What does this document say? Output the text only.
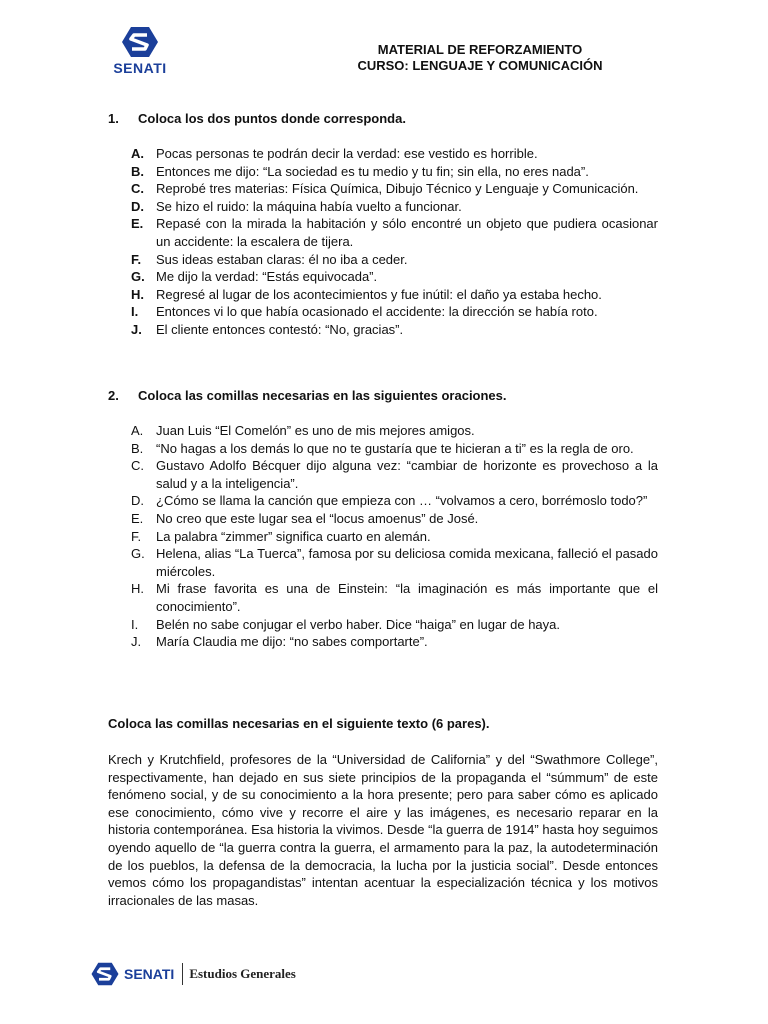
SENATI
MATERIAL DE REFORZAMIENTO
CURSO: LENGUAJE Y COMUNICACIÓN
1. Coloca los dos puntos donde corresponda.
A. Pocas personas te podrán decir la verdad: ese vestido es horrible.
B. Entonces me dijo: “La sociedad es tu medio y tu fin; sin ella, no eres nada”.
C. Reprobé tres materias: Física Química, Dibujo Técnico y Lenguaje y Comunicación.
D. Se hizo el ruido: la máquina había vuelto a funcionar.
E. Repasé con la mirada la habitación y sólo encontré un objeto que pudiera ocasionar un accidente: la escalera de tijera.
F.	Sus ideas estaban claras: él no iba a ceder.
G. Me dijo la verdad: “Estás equivocada”.
H. Regresé al lugar de los acontecimientos y fue inútil: el daño ya estaba hecho.
I.	Entonces vi lo que había ocasionado el accidente: la dirección se había roto.
J.	El cliente entonces contestó: “No, gracias”.
2. Coloca las comillas necesarias en las siguientes oraciones.
A. Juan Luis “El Comelón” es uno de mis mejores amigos.
B. “No hagas a los demás lo que no te gustaría que te hicieran a ti” es la regla de oro.
C. Gustavo Adolfo Bécquer dijo alguna vez: “cambiar de horizonte es provechoso a la salud y a la inteligencia”.
D. ¿Cómo se llama la canción que empieza con … “volvamos a cero, borrémoslo todo?”
E. No creo que este lugar sea el “locus amoenus” de José.
F.	La palabra “zimmer” significa cuarto en alemán.
G. Helena, alias “La Tuerca”, famosa por su deliciosa comida mexicana, falleció el pasado miércoles.
H. Mi frase favorita es una de Einstein: “la imaginación es más importante que el conocimiento”.
I.	Belén no sabe conjugar el verbo haber. Dice “haiga” en lugar de haya.
J.	María Claudia me dijo: “no sabes comportarte”.
Coloca las comillas necesarias en el siguiente texto (6 pares).
Krech y Krutchfield, profesores de la “Universidad de California” y del “Swathmore College”, respectivamente, han dejado en sus siete principios de la propaganda el “súmmum” de este fenómeno social, y de su conocimiento a la hora presente; pero para saber cómo es aplicado ese conocimiento, cómo vive y recorre el aire y las imágenes, es necesario reparar en la historia contemporánea. Esa historia la vivimos. Desde “la guerra de 1914” hasta hoy seguimos oyendo aquello de “la guerra contra la guerra, el armamento para la paz, la autodeterminación de los pueblos, la defensa de la democracia, la lucha por la justicia social”. Desde entonces vemos cómo los propagandistas” intentan acentuar la especialización técnica y los motivos irracionales de las masas.
SENATI Estudios Generales
